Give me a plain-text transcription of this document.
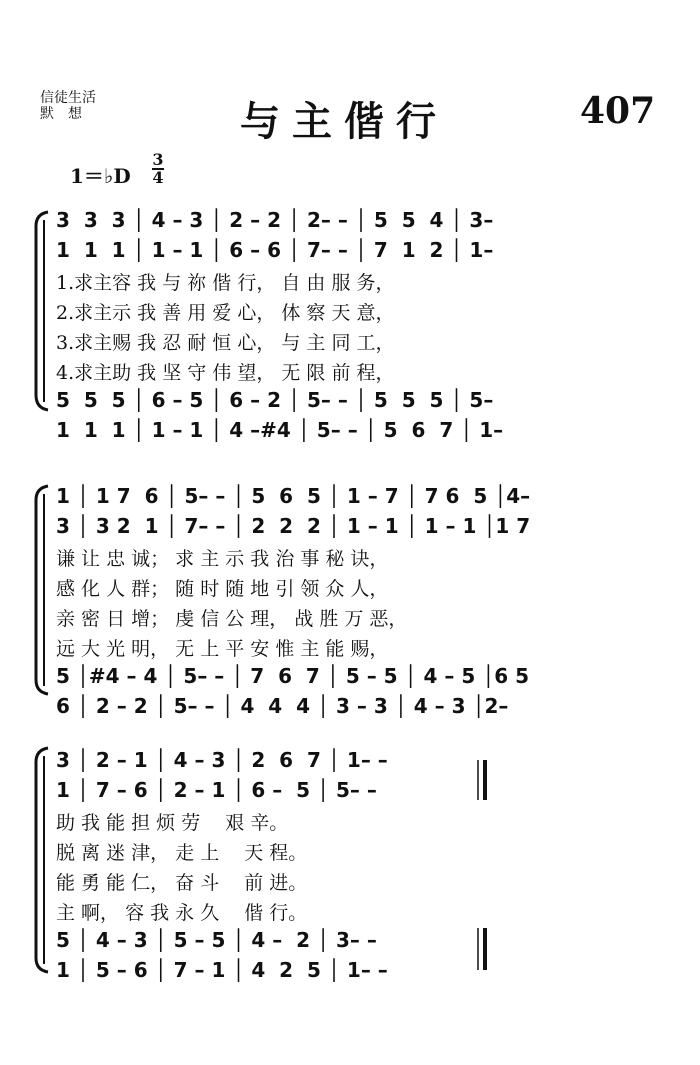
信徒生活
默　想	与主偕行	407
1＝♭D
3
4
3  3  3 │ 4 – 3 │ 2 – 2 │ 2– – │ 5  5  4 │ 3–
1  1  1 │ 1 – 1 │ 6 – 6 │ 7– – │ 7  1  2 │ 1–
1.求主容 我 与 祢 偕 行， 自 由 服 务，
2.求主示 我 善 用 爱 心， 体 察 天 意，
3.求主赐 我 忍 耐 恒 心， 与 主 同 工，
4.求主助 我 坚 守 伟 望， 无 限 前 程，
5  5  5 │ 6 – 5 │ 6 – 2 │ 5– – │ 5  5  5 │ 5–
1  1  1 │ 1 – 1 │ 4 –#4 │ 5– – │ 5  6  7 │ 1–
1 │ 1 7  6 │ 5– – │ 5  6  5 │ 1 – 7 │ 7 6  5 │4–
3 │ 3 2  1 │ 7– – │ 2  2  2 │ 1 – 1 │ 1 – 1 │1 7
谦 让 忠 诚； 求 主 示 我 治 事 秘 诀，
感 化 人 群； 随 时 随 地 引 领 众 人，
亲 密 日 增； 虔 信 公 理， 战 胜 万 恶，
远 大 光 明， 无 上 平 安 惟 主 能 赐，
5 │#4 – 4 │ 5– – │ 7  6  7 │ 5 – 5 │ 4 – 5 │6 5
6 │ 2 – 2 │ 5– – │ 4  4  4 │ 3 – 3 │ 4 – 3 │2–
3 │ 2 – 1 │ 4 – 3 │ 2  6  7 │ 1– –
1 │ 7 – 6 │ 2 – 1 │ 6 –  5 │ 5– –
助 我 能 担 烦 劳　 艰 辛。
脱 离 迷 津， 走 上　 天 程。
能 勇 能 仁， 奋 斗　 前 进。
主 啊， 容 我 永 久　 偕 行。
5 │ 4 – 3 │ 5 – 5 │ 4 –  2 │ 3– –
1 │ 5 – 6 │ 7 – 1 │ 4  2  5 │ 1– –
